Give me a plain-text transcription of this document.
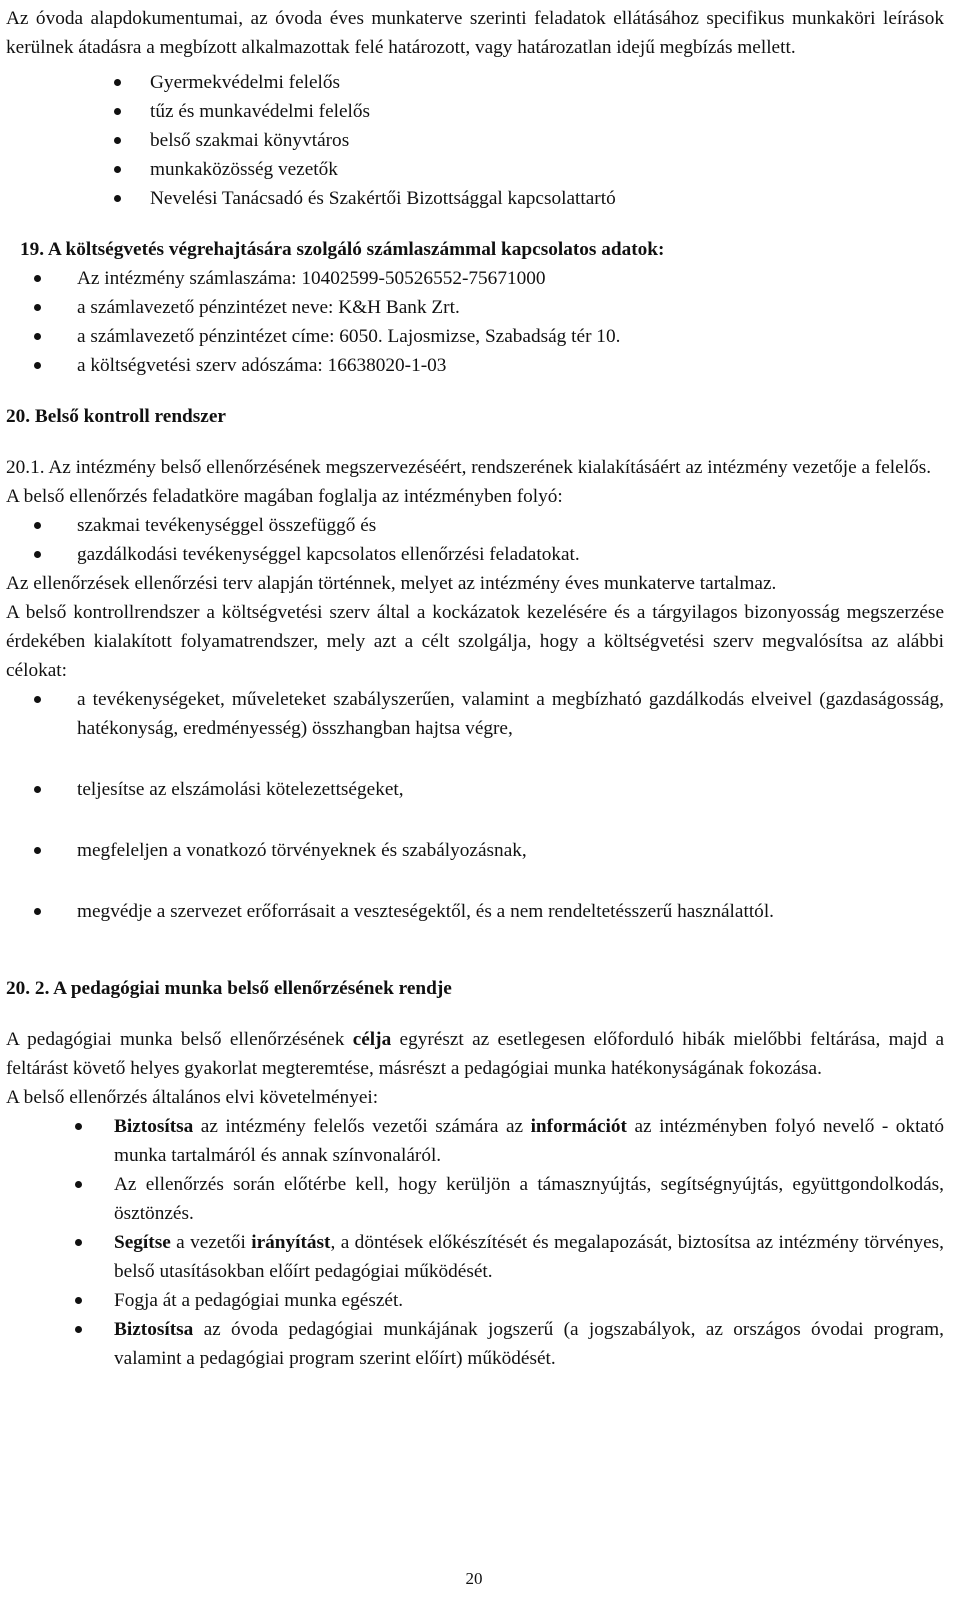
Az óvoda alapdokumentumai, az óvoda éves munkaterve szerinti feladatok ellátásához specifikus munkaköri leírások kerülnek átadásra a megbízott alkalmazottak felé határozott, vagy határozatlan idejű megbízás mellett.

Gyermekvédelmi felelős
tűz és munkavédelmi felelős
belső szakmai könyvtáros
munkaközösség vezetők
Nevelési Tanácsadó és Szakértői Bizottsággal kapcsolattartó
19. A költségvetés végrehajtására szolgáló számlaszámmal kapcsolatos adatok:
Az intézmény számlaszáma: 10402599-50526552-75671000
a számlavezető pénzintézet neve: K&H Bank Zrt.
a számlavezető pénzintézet címe: 6050. Lajosmizse, Szabadság tér 10.
a költségvetési szerv adószáma: 16638020-1-03
20. Belső kontroll rendszer

20.1. Az intézmény belső ellenőrzésének megszervezéséért, rendszerének kialakításáért az intézmény vezetője a felelős.

A belső ellenőrzés feladatköre magában foglalja az intézményben folyó:

szakmai tevékenységgel összefüggő és
gazdálkodási tevékenységgel kapcsolatos ellenőrzési feladatokat.

Az ellenőrzések ellenőrzési terv alapján történnek, melyet az intézmény éves munkaterve tartalmaz.

A belső kontrollrendszer a költségvetési szerv által a kockázatok kezelésére és a tárgyilagos bizonyosság megszerzése érdekében kialakított folyamatrendszer, mely azt a célt szolgálja, hogy a költségvetési szerv megvalósítsa az alábbi célokat:

a tevékenységeket, műveleteket szabályszerűen, valamint a megbízható gazdálkodás elveivel (gazdaságosság, hatékonyság, eredményesség) összhangban hajtsa végre,
teljesítse az elszámolási kötelezettségeket,
megfeleljen a vonatkozó törvényeknek és szabályozásnak,
megvédje a szervezet erőforrásait a veszteségektől, és a nem rendeltetésszerű használattól.
20. 2. A pedagógiai munka belső ellenőrzésének rendje

A pedagógiai munka belső ellenőrzésének célja egyrészt az esetlegesen előforduló hibák mielőbbi feltárása, majd a feltárást követő helyes gyakorlat megteremtése, másrészt a pedagógiai munka hatékonyságának fokozása.

A belső ellenőrzés általános elvi követelményei:

Biztosítsa az intézmény felelős vezetői számára az információt az intézményben folyó nevelő - oktató munka tartalmáról és annak színvonaláról.
Az ellenőrzés során előtérbe kell, hogy kerüljön a támasznyújtás, segítségnyújtás, együttgondolkodás, ösztönzés.
Segítse a vezetői irányítást, a döntések előkészítését és megalapozását, biztosítsa az intézmény törvényes, belső utasításokban előírt pedagógiai működését.
Fogja át a pedagógiai munka egészét.
Biztosítsa az óvoda pedagógiai munkájának jogszerű (a jogszabályok, az országos óvodai program, valamint a pedagógiai program szerint előírt) működését.
20
